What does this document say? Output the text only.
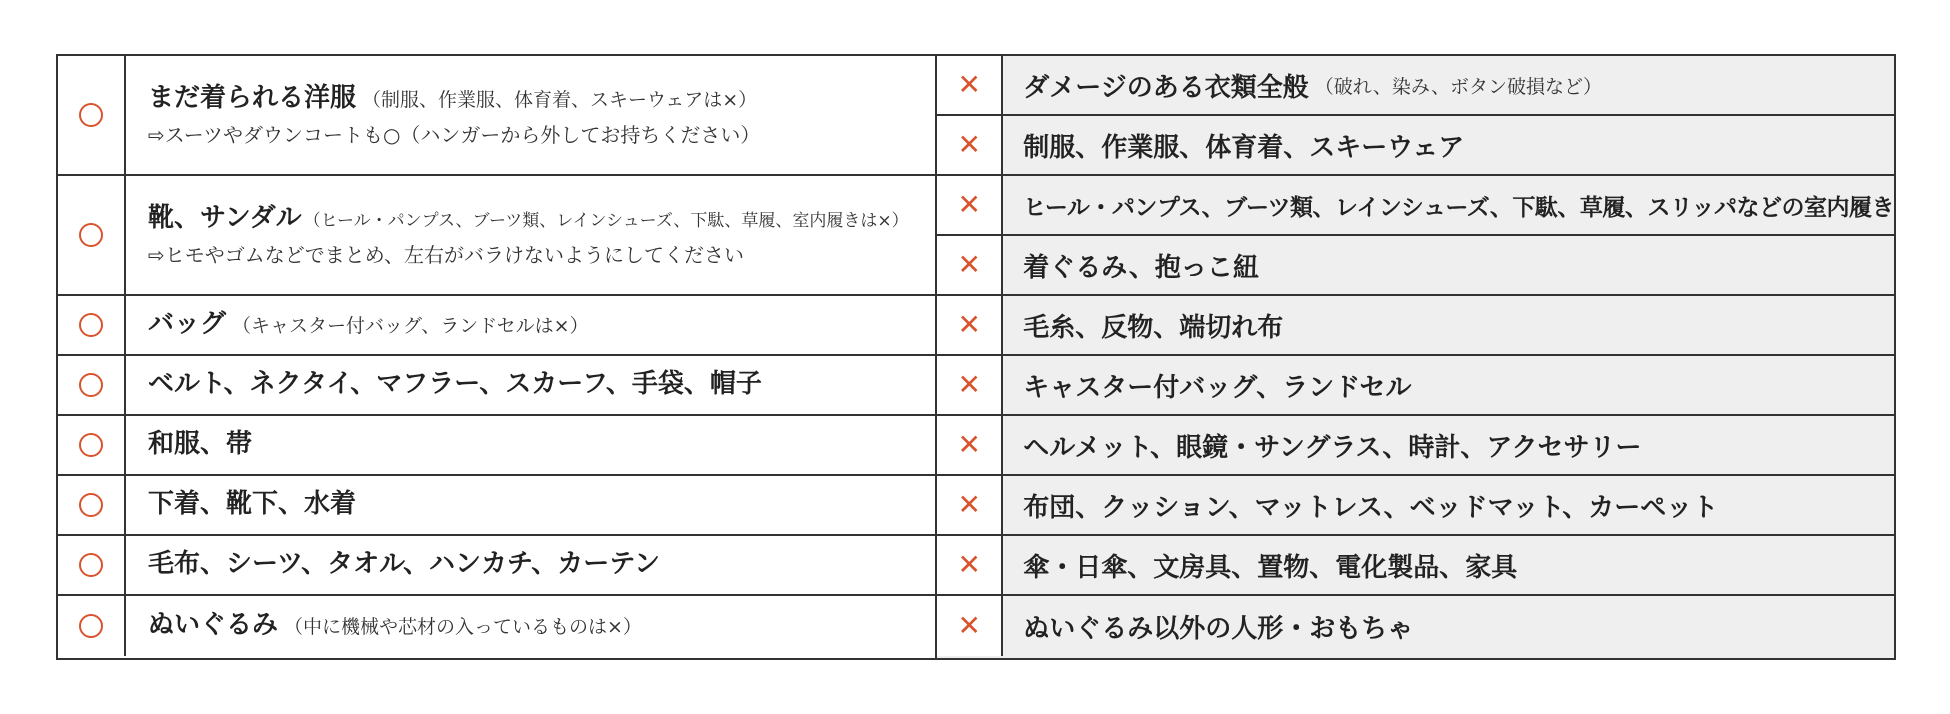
まだ着られる洋服 （制服、作業服、体育着、スキーウェアは×）
⇨スーツやダウンコートも○（ハンガーから外してお持ちください）
靴、サンダル （ヒール・パンプス、ブーツ類、レインシューズ、下駄、草履、室内履きは×）
⇨ヒモやゴムなどでまとめ、左右がバラけないようにしてください
バッグ （キャスター付バッグ、ランドセルは×）
ベルト、ネクタイ、マフラー、スカーフ、手袋、帽子
和服、帯
下着、靴下、水着
毛布、シーツ、タオル、ハンカチ、カーテン
ぬいぐるみ （中に機械や芯材の入っているものは×）
✕ ダメージのある衣類全般 （破れ、染み、ボタン破損など）
✕ 制服、作業服、体育着、スキーウェア
✕ ヒール・パンプス、ブーツ類、レインシューズ、下駄、草履、スリッパなどの室内履き
✕ 着ぐるみ、抱っこ紐
✕ 毛糸、反物、端切れ布
✕ キャスター付バッグ、ランドセル
✕ ヘルメット、眼鏡・サングラス、時計、アクセサリー
✕ 布団、クッション、マットレス、ベッドマット、カーペット
✕ 傘・日傘、文房具、置物、電化製品、家具
✕ ぬいぐるみ以外の人形・おもちゃ
